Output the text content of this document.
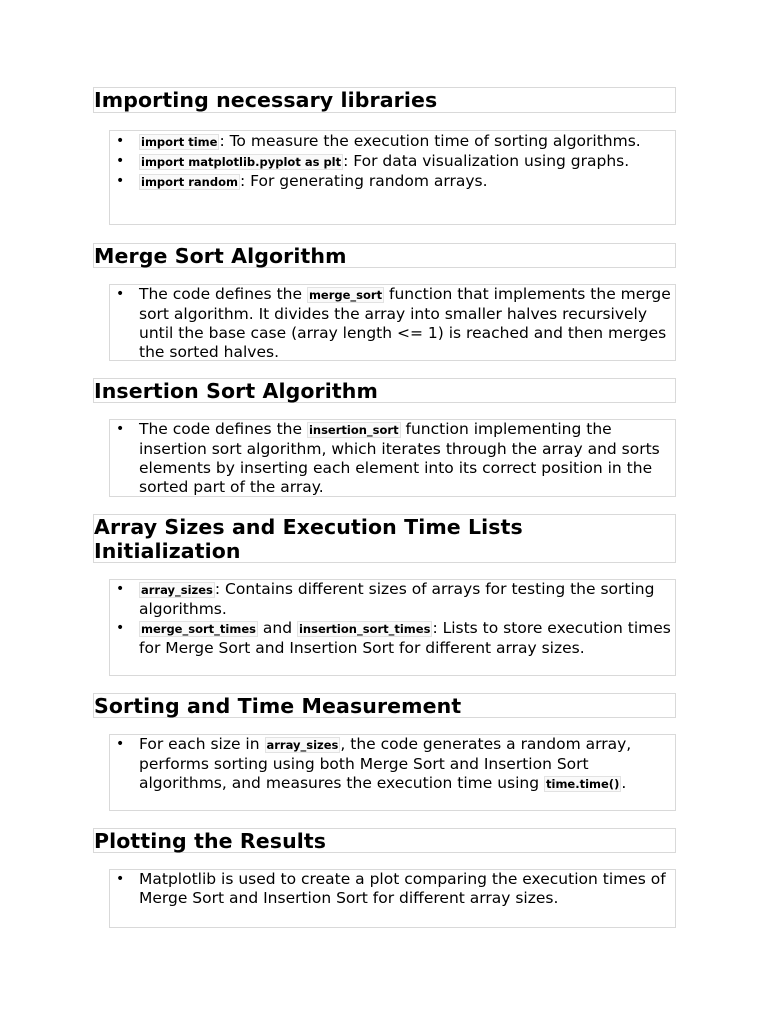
Importing necessary libraries
• import time : To measure the execution time of sorting algorithms.
• import matplotlib.pyplot as plt : For data visualization using graphs.
• import random : For generating random arrays.
Merge Sort Algorithm
• The code defines the merge_sort function that implements the merge sort algorithm. It divides the array into smaller halves recursively until the base case (array length <= 1) is reached and then merges the sorted halves.
Insertion Sort Algorithm
• The code defines the insertion_sort function implementing the insertion sort algorithm, which iterates through the array and sorts elements by inserting each element into its correct position in the sorted part of the array.
Array Sizes and Execution Time Lists Initialization
• array_sizes : Contains different sizes of arrays for testing the sorting algorithms.
• merge_sort_times and insertion_sort_times : Lists to store execution times for Merge Sort and Insertion Sort for different array sizes.
Sorting and Time Measurement
• For each size in array_sizes , the code generates a random array, performs sorting using both Merge Sort and Insertion Sort algorithms, and measures the execution time using time.time() .
Plotting the Results
• Matplotlib is used to create a plot comparing the execution times of Merge Sort and Insertion Sort for different array sizes.
